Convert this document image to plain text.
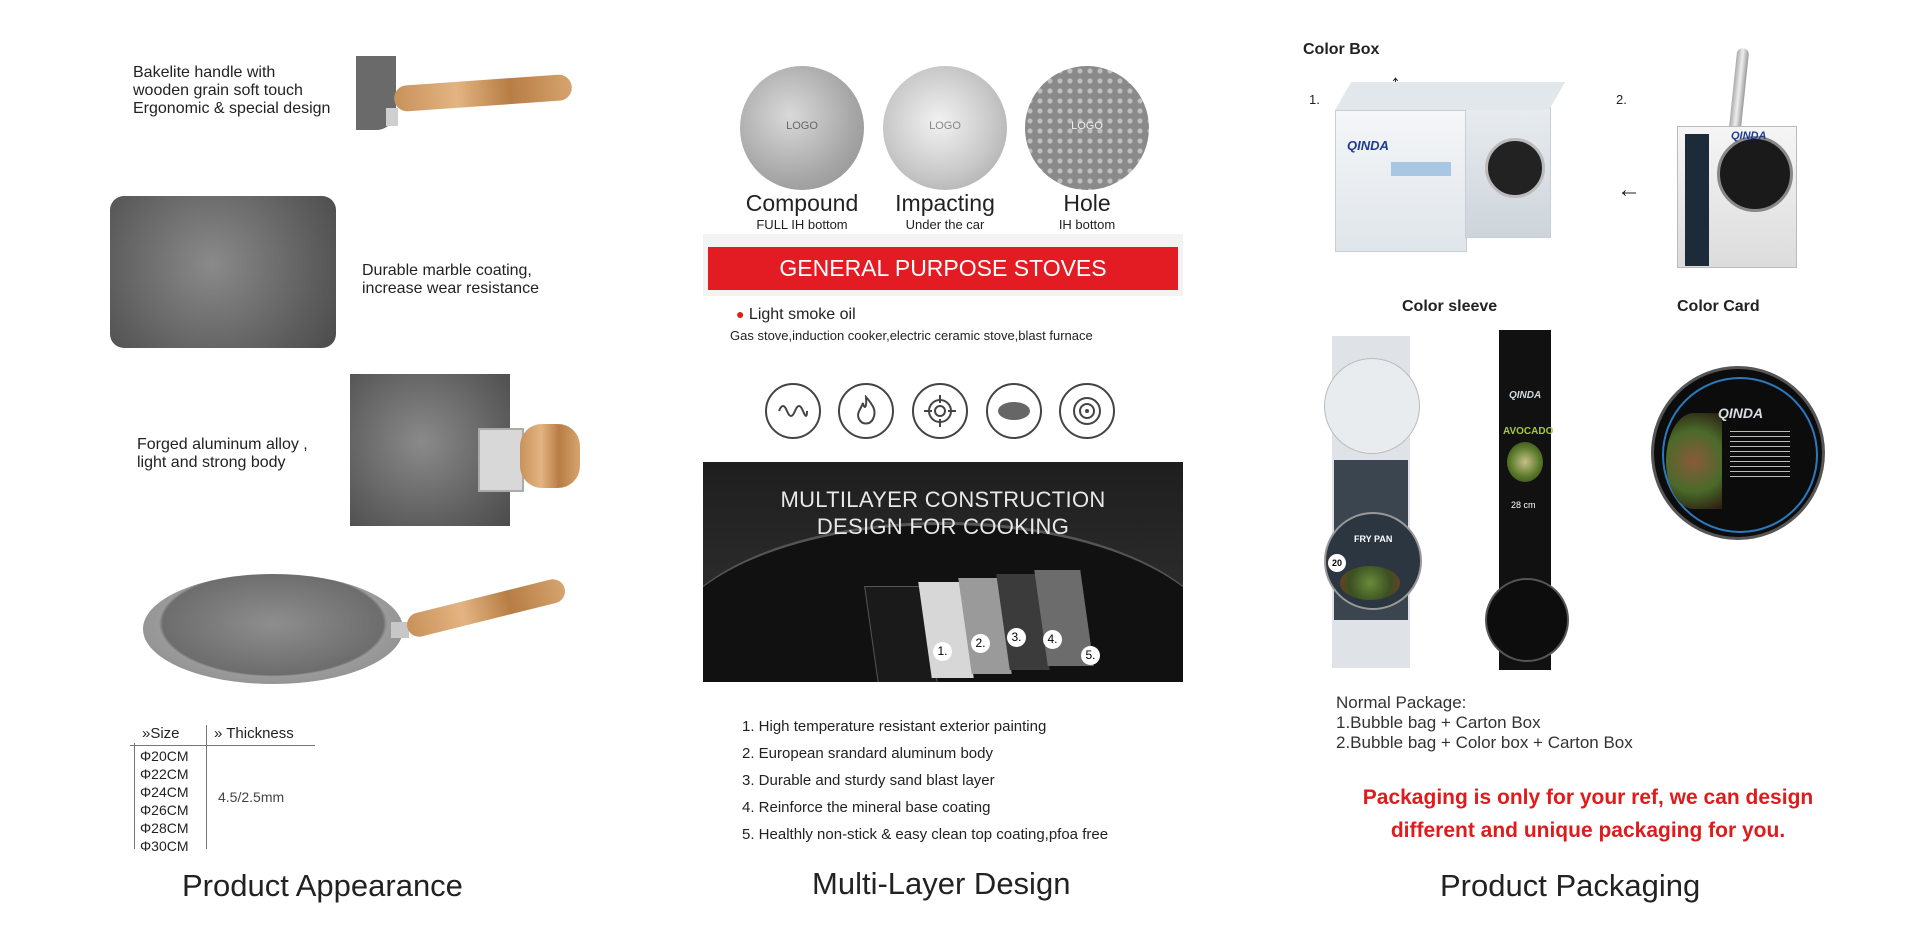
Bakelite handle with
wooden grain soft touch
Ergonomic & special design
Durable marble coating,
increase wear resistance
Forged aluminum alloy ,
light and strong body
»Size » Thickness
Φ20CM
Φ22CM
Φ24CM
Φ26CM
Φ28CM
Φ30CM
4.5/2.5mm
Product Appearance
LOGO	LOGO	LOGO
Compound
FULL IH bottom
Impacting
Under the car
Hole
IH bottom
GENERAL PURPOSE STOVES
● Light smoke oil
Gas stove,induction cooker,electric ceramic stove,blast furnace
MULTILAYER CONSTRUCTION
DESIGN FOR COOKING
1.
2.	3.	4.
5.
1. High temperature resistant exterior painting
2. European srandard aluminum body
3. Durable and sturdy sand blast layer
4. Reinforce the mineral base coating
5. Healthly non-stick & easy clean top coating,pfoa free
Multi-Layer Design
Color Box
1.
QINDA
2.
←
QINDA
Color sleeve	Color Card
FRY PAN
20
QINDA
AVOCADO
28 cm
QINDA
Normal Package:
1.Bubble bag + Carton Box
2.Bubble bag + Color box + Carton Box
Packaging is only for your ref, we can design
different and unique packaging for you.
Product Packaging
